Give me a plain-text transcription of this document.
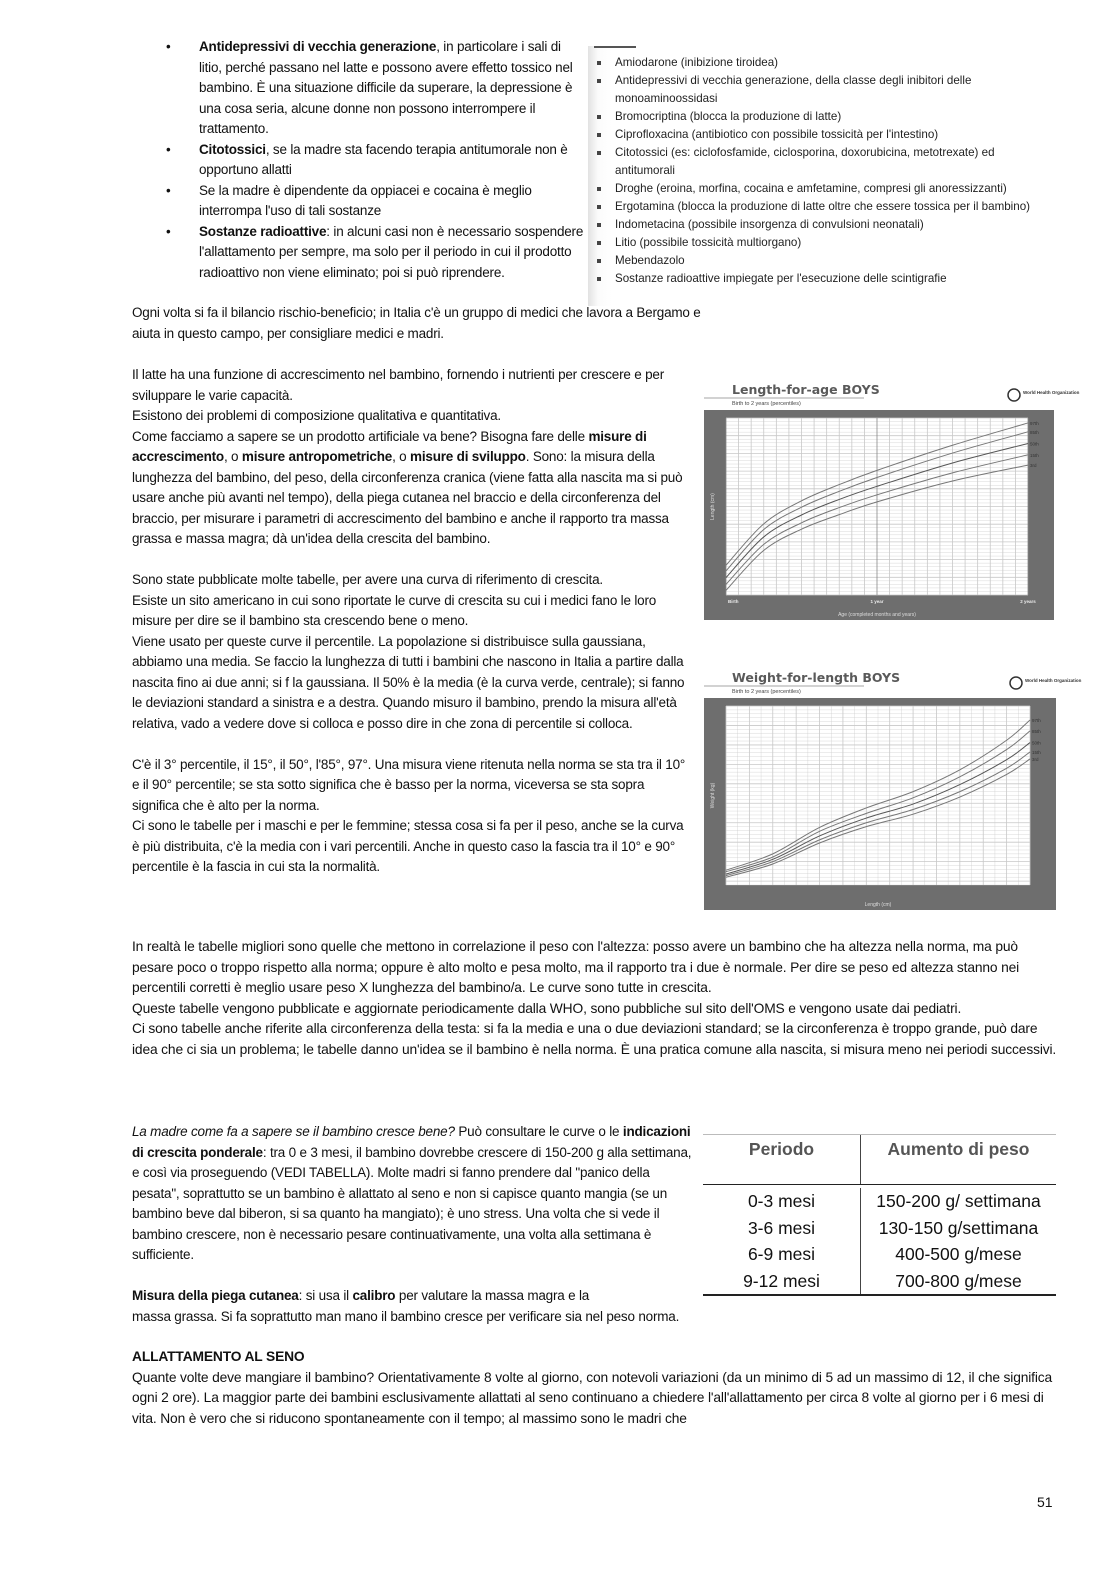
• Antidepressivi di vecchia generazione, in particolare i sali di litio, perché passano nel latte e possono avere effetto tossico nel bambino. È una situazione difficile da superare, la depressione è una cosa seria, alcune donne non possono interrompere il trattamento.
• Citotossici, se la madre sta facendo terapia antitumorale non è opportuno allatti
• Se la madre è dipendente da oppiacei e cocaina è meglio interrompa l'uso di tali sostanze
• Sostanze radioattive: in alcuni casi non è necessario sospendere l'allattamento per sempre, ma solo per il periodo in cui il prodotto radioattivo non viene eliminato; poi si può riprendere.
Amiodarone (inibizione tiroidea)
Antidepressivi di vecchia generazione, della classe degli inibitori delle monoaminoossidasi
Bromocriptina (blocca la produzione di latte)
Ciprofloxacina (antibiotico con possibile tossicità per l'intestino)
Citotossici (es: ciclofosfamide, ciclosporina, doxorubicina, metotrexate) ed antitumorali
Droghe (eroina, morfina, cocaina e amfetamine, compresi gli anoressizzanti)
Ergotamina (blocca la produzione di latte oltre che essere tossica per il bambino)
Indometacina (possibile insorgenza di convulsioni neonatali)
Litio (possibile tossicità multiorgano)
Mebendazolo
Sostanze radioattive impiegate per l'esecuzione delle scintigrafie

Ogni volta si fa il bilancio rischio-beneficio; in Italia c'è un gruppo di medici che lavora a Bergamo e aiuta in questo campo, per consigliare medici e madri.

Il latte ha una funzione di accrescimento nel bambino, fornendo i nutrienti per crescere e per sviluppare le varie capacità.

Esistono dei problemi di composizione qualitativa e quantitativa.

Come facciamo a sapere se un prodotto artificiale va bene? Bisogna fare delle misure di accrescimento, o misure antropometriche, o misure di sviluppo. Sono: la misura della lunghezza del bambino, del peso, della circonferenza cranica (viene fatta alla nascita ma si può usare anche più avanti nel tempo), della piega cutanea nel braccio e della circonferenza del braccio, per misurare i parametri di accrescimento del bambino e anche il rapporto tra massa grassa e massa magra; dà un'idea della crescita del bambino.

Sono state pubblicate molte tabelle, per avere una curva di riferimento di crescita.

Esiste un sito americano in cui sono riportate le curve di crescita su cui i medici fano le loro misure per dire se il bambino sta crescendo bene o meno.

Viene usato per queste curve il percentile. La popolazione si distribuisce sulla gaussiana, abbiamo una media. Se faccio la lunghezza di tutti i bambini che nascono in Italia a partire dalla nascita fino ai due anni; si f la gaussiana. Il 50% è la media (è la curva verde, centrale); si fanno le deviazioni standard a sinistra e a destra. Quando misuro il bambino, prendo la misura all'età relativa, vado a vedere dove si colloca e posso dire in che zona di percentile si colloca.

C'è il 3° percentile, il 15°, il 50°, l'85°, 97°. Una misura viene ritenuta nella norma se sta tra il 10° e il 90° percentile; se sta sotto significa che è basso per la norma, viceversa se sta sopra significa che è alto per la norma.

Ci sono le tabelle per i maschi e per le femmine; stessa cosa si fa per il peso, anche se la curva è più distribuita, c'è la media con i vari percentili. Anche in questo caso la fascia tra il 10° e 90° percentile è la fascia in cui sta la normalità.

In realtà le tabelle migliori sono quelle che mettono in correlazione il peso con l'altezza: posso avere un bambino che ha altezza nella norma, ma può pesare poco o troppo rispetto alla norma; oppure è alto molto e pesa molto, ma il rapporto tra i due è normale. Per dire se peso ed altezza stanno nei percentili corretti è meglio usare peso X lunghezza del bambino/a. Le curve sono tutte in crescita.

Queste tabelle vengono pubblicate e aggiornate periodicamente dalla WHO, sono pubbliche sul sito dell'OMS e vengono usate dai pediatri.

Ci sono tabelle anche riferite alla circonferenza della testa: si fa la media e una o due deviazioni standard; se la circonferenza è troppo grande, può dare idea che ci sia un problema; le tabelle danno un'idea se il bambino è nella norma. È una pratica comune alla nascita, si misura meno nei periodi successivi.

La madre come fa a sapere se il bambino cresce bene? Può consultare le curve o le indicazioni di crescita ponderale: tra 0 e 3 mesi, il bambino dovrebbe crescere di 150-200 g alla settimana, e così via proseguendo (VEDI TABELLA). Molte madri si fanno prendere dal "panico della pesata", soprattutto se un bambino è allattato al seno e non si capisce quanto mangia (se un bambino beve dal biberon, si sa quanto ha mangiato); è uno stress. Una volta che si vede il bambino crescere, non è necessario pesare continuativamente, una volta alla settimana è sufficiente.

Misura della piega cutanea: si usa il calibro per valutare la massa magra e la
massa grassa. Si fa soprattutto man mano il bambino cresce per verificare sia nel peso norma.

ALLATTAMENTO AL SENO

Quante volte deve mangiare il bambino? Orientativamente 8 volte al giorno, con notevoli variazioni (da un minimo di 5 ad un massimo di 12, il che significa ogni 2 ore). La maggior parte dei bambini esclusivamente allattati al seno continuano a chiedere l'all'allattamento per circa 8 volte al giorno per i 6 mesi di vita. Non è vero che si riducono spontaneamente con il tempo; al massimo sono le madri che

Periodo	Aumento di peso
0-3 mesi	150-200 g/ settimana
3-6 mesi	130-150 g/settimana
6-9 mesi	400-500 g/mese
9-12 mesi	700-800 g/mese
Length-for-age BOYS
Birth to 2 years (percentiles)
World Health Organization
97th
85th
50th
15th
3rd
Length (cm)
Age (completed months and years)
Birth	1 year	2 years
Weight-for-length BOYS
Birth to 2 years (percentiles)
World Health Organization
97th
85th
50th
15th
3rd
Weight (kg)
Length (cm)
51
